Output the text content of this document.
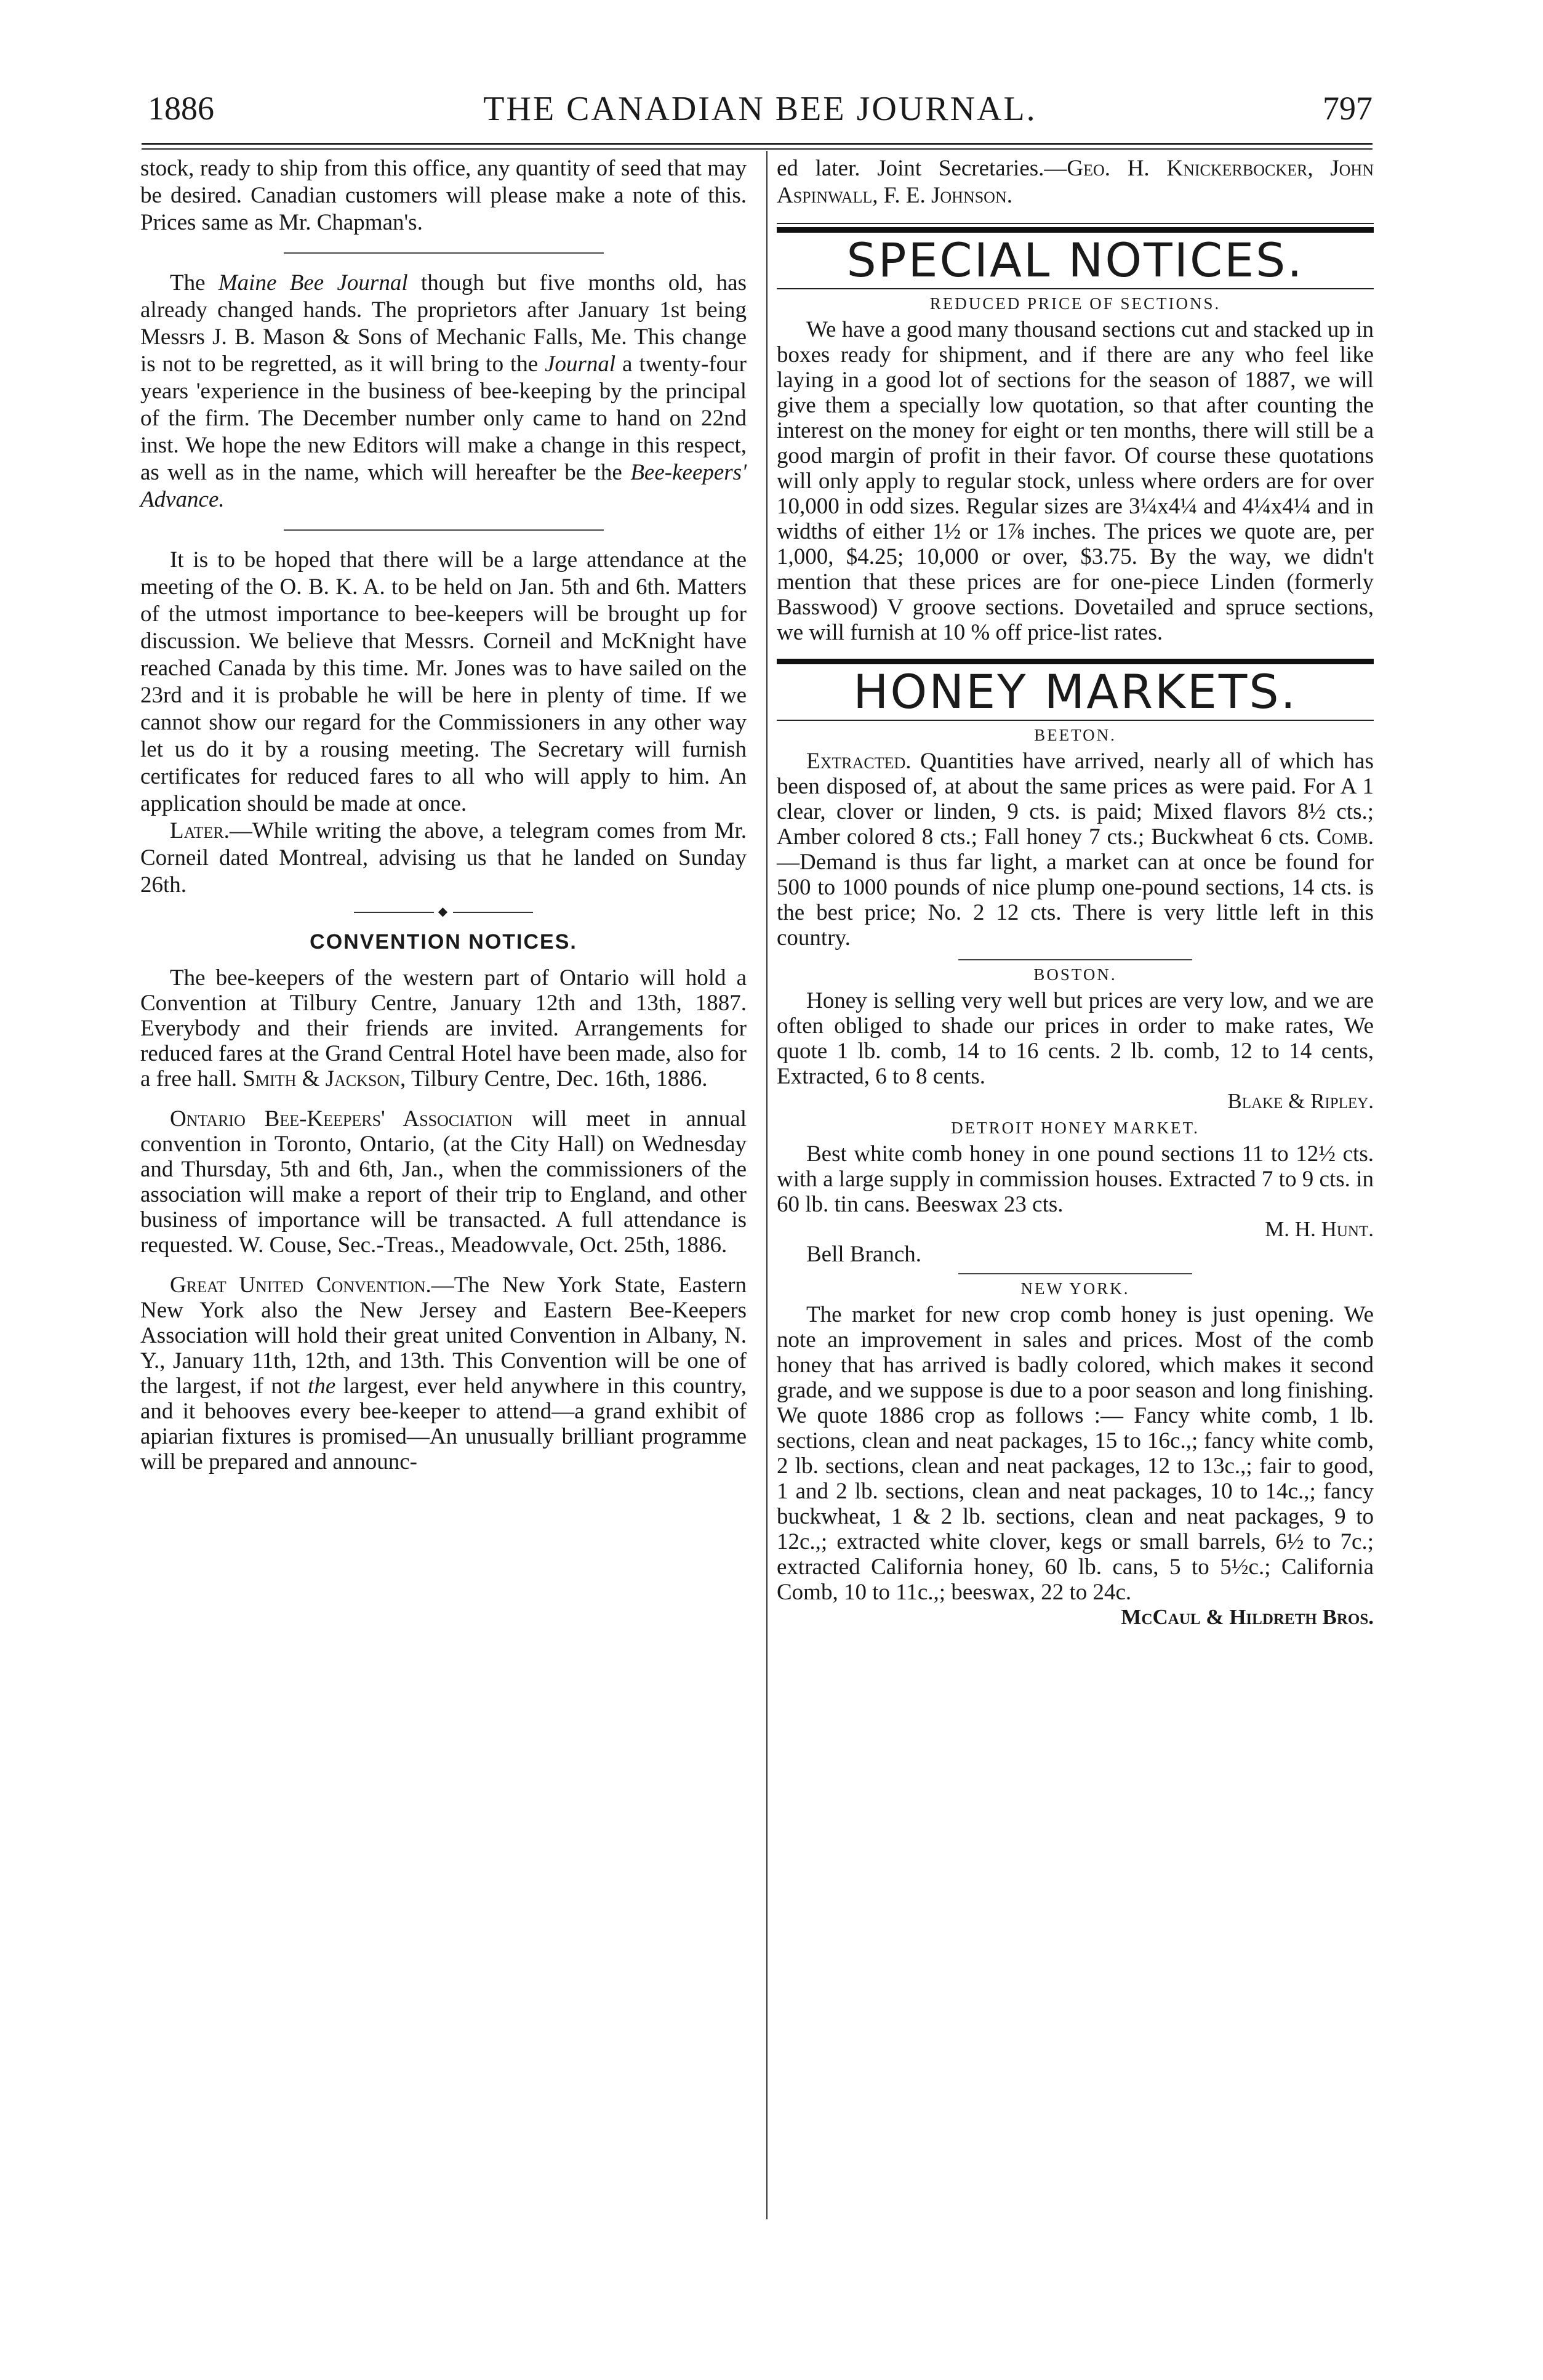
1886	THE CANADIAN BEE JOURNAL.	797

stock, ready to ship from this office, any quantity of seed that may be desired. Canadian customers will please make a note of this. Prices same as Mr. Chapman's.

The Maine Bee Journal though but five months old, has already changed hands. The proprietors after January 1st being Messrs J. B. Mason & Sons of Mechanic Falls, Me. This change is not to be regretted, as it will bring to the Journal a twenty-four years 'experience in the business of bee-keeping by the principal of the firm. The December number only came to hand on 22nd inst. We hope the new Editors will make a change in this respect, as well as in the name, which will hereafter be the Bee-keepers' Advance.

It is to be hoped that there will be a large attendance at the meeting of the O. B. K. A. to be held on Jan. 5th and 6th. Matters of the utmost importance to bee-keepers will be brought up for discussion. We believe that Messrs. Corneil and McKnight have reached Canada by this time. Mr. Jones was to have sailed on the 23rd and it is probable he will be here in plenty of time. If we cannot show our regard for the Commissioners in any other way let us do it by a rousing meeting. The Secretary will furnish certificates for reduced fares to all who will apply to him. An application should be made at once.

Later.—While writing the above, a telegram comes from Mr. Corneil dated Montreal, advising us that he landed on Sunday 26th.

◆
CONVENTION NOTICES.

The bee-keepers of the western part of Ontario will hold a Convention at Tilbury Centre, January 12th and 13th, 1887. Everybody and their friends are invited. Arrangements for reduced fares at the Grand Central Hotel have been made, also for a free hall. Smith & Jackson, Tilbury Centre, Dec. 16th, 1886.

Ontario Bee-Keepers' Association will meet in annual convention in Toronto, Ontario, (at the City Hall) on Wednesday and Thursday, 5th and 6th, Jan., when the commissioners of the association will make a report of their trip to England, and other business of importance will be transacted. A full attendance is requested. W. Couse, Sec.-Treas., Meadowvale, Oct. 25th, 1886.

Great United Convention.—The New York State, Eastern New York also the New Jersey and Eastern Bee-Keepers Association will hold their great united Convention in Albany, N. Y., January 11th, 12th, and 13th. This Convention will be one of the largest, if not the largest, ever held anywhere in this country, and it behooves every bee-keeper to attend—a grand exhibit of apiarian fixtures is promised—An unusually brilliant programme will be prepared and announc-

ed later. Joint Secretaries.—Geo. H. Knickerbocker, John Aspinwall, F. E. Johnson.

SPECIAL NOTICES.
REDUCED PRICE OF SECTIONS.

We have a good many thousand sections cut and stacked up in boxes ready for shipment, and if there are any who feel like laying in a good lot of sections for the season of 1887, we will give them a specially low quotation, so that after counting the interest on the money for eight or ten months, there will still be a good margin of profit in their favor. Of course these quotations will only apply to regular stock, unless where orders are for over 10,000 in odd sizes. Regular sizes are 3¼x4¼ and 4¼x4¼ and in widths of either 1½ or 1⅞ inches. The prices we quote are, per 1,000, $4.25; 10,000 or over, $3.75. By the way, we didn't mention that these prices are for one-piece Linden (formerly Basswood) V groove sections. Dovetailed and spruce sections, we will furnish at 10 % off price-list rates.

HONEY MARKETS.
BEETON.

Extracted. Quantities have arrived, nearly all of which has been disposed of, at about the same prices as were paid. For A 1 clear, clover or linden, 9 cts. is paid; Mixed flavors 8½ cts.; Amber colored 8 cts.; Fall honey 7 cts.; Buckwheat 6 cts. Comb.—Demand is thus far light, a market can at once be found for 500 to 1000 pounds of nice plump one-pound sections, 14 cts. is the best price; No. 2 12 cts. There is very little left in this country.

BOSTON.

Honey is selling very well but prices are very low, and we are often obliged to shade our prices in order to make rates, We quote 1 lb. comb, 14 to 16 cents. 2 lb. comb, 12 to 14 cents, Extracted, 6 to 8 cents.

Blake & Ripley.
DETROIT HONEY MARKET.

Best white comb honey in one pound sections 11 to 12½ cts. with a large supply in commission houses. Extracted 7 to 9 cts. in 60 lb. tin cans. Beeswax 23 cts.

M. H. Hunt.

Bell Branch.

NEW YORK.

The market for new crop comb honey is just opening. We note an improvement in sales and prices. Most of the comb honey that has arrived is badly colored, which makes it second grade, and we suppose is due to a poor season and long finishing. We quote 1886 crop as follows :— Fancy white comb, 1 lb. sections, clean and neat packages, 15 to 16c.,; fancy white comb, 2 lb. sections, clean and neat packages, 12 to 13c.,; fair to good, 1 and 2 lb. sections, clean and neat packages, 10 to 14c.,; fancy buckwheat, 1 & 2 lb. sections, clean and neat packages, 9 to 12c.,; extracted white clover, kegs or small barrels, 6½ to 7c.; extracted California honey, 60 lb. cans, 5 to 5½c.; California Comb, 10 to 11c.,; beeswax, 22 to 24c.

McCaul & Hildreth Bros.
